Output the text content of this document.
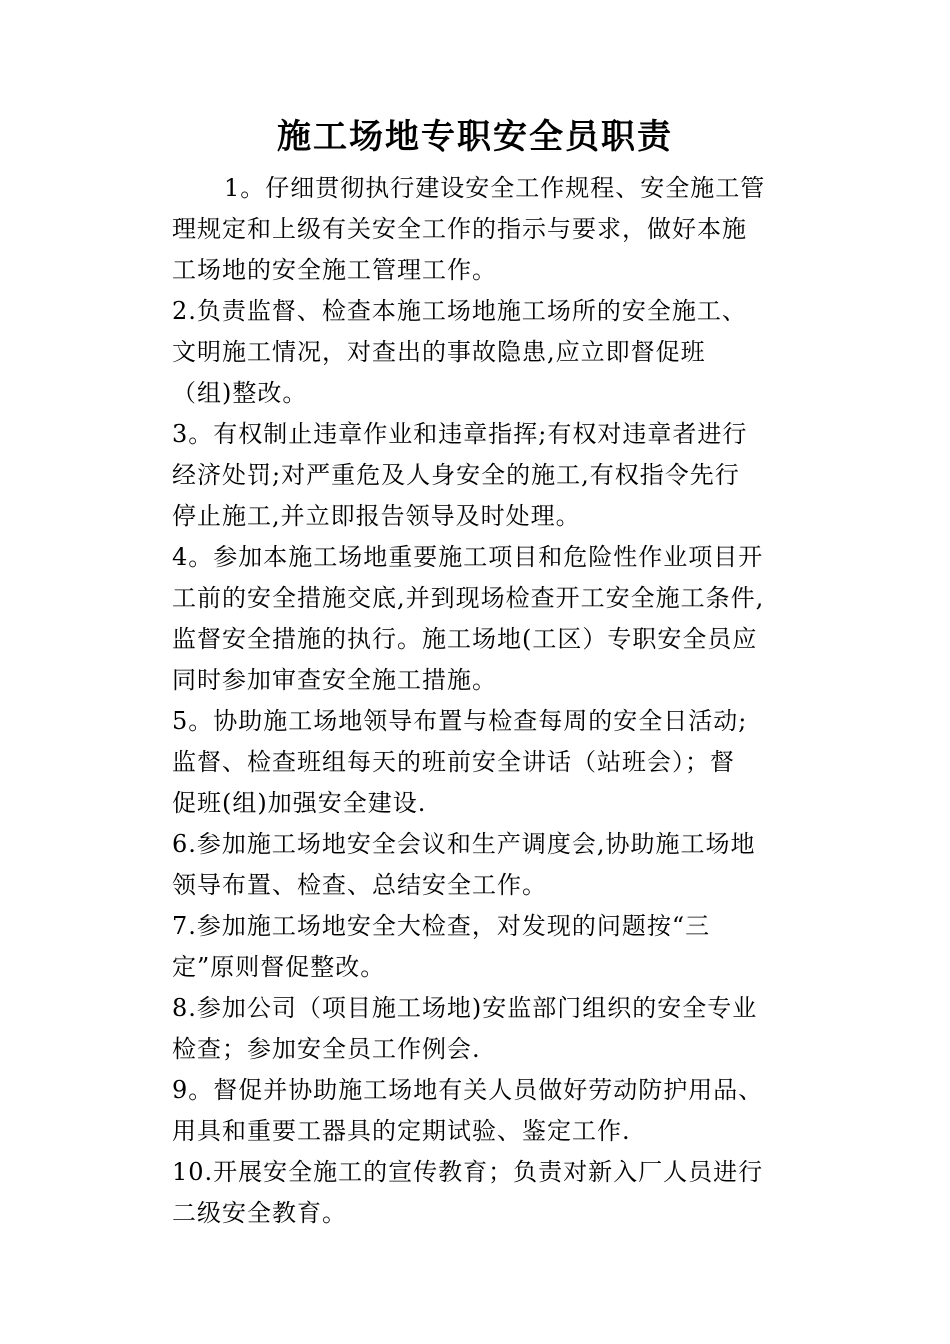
施工场地专职安全员职责
1。仔细贯彻执行建设安全工作规程、安全施工管
理规定和上级有关安全工作的指示与要求，做好本施
工场地的安全施工管理工作。
2.负责监督、检查本施工场地施工场所的安全施工、
文明施工情况，对查出的事故隐患,应立即督促班
（组)整改。
3。有权制止违章作业和违章指挥;有权对违章者进行
经济处罚;对严重危及人身安全的施工,有权指令先行
停止施工,并立即报告领导及时处理。
4。参加本施工场地重要施工项目和危险性作业项目开
工前的安全措施交底,并到现场检查开工安全施工条件,
监督安全措施的执行。施工场地(工区）专职安全员应
同时参加审查安全施工措施。
5。协助施工场地领导布置与检查每周的安全日活动;
监督、检查班组每天的班前安全讲话（站班会）；督
促班(组)加强安全建设.
6.参加施工场地安全会议和生产调度会,协助施工场地
领导布置、检查、总结安全工作。
7.参加施工场地安全大检查，对发现的问题按“三
定”原则督促整改。
8.参加公司（项目施工场地)安监部门组织的安全专业
检查；参加安全员工作例会.
9。督促并协助施工场地有关人员做好劳动防护用品、
用具和重要工器具的定期试验、鉴定工作.
10.开展安全施工的宣传教育；负责对新入厂人员进行
二级安全教育。
